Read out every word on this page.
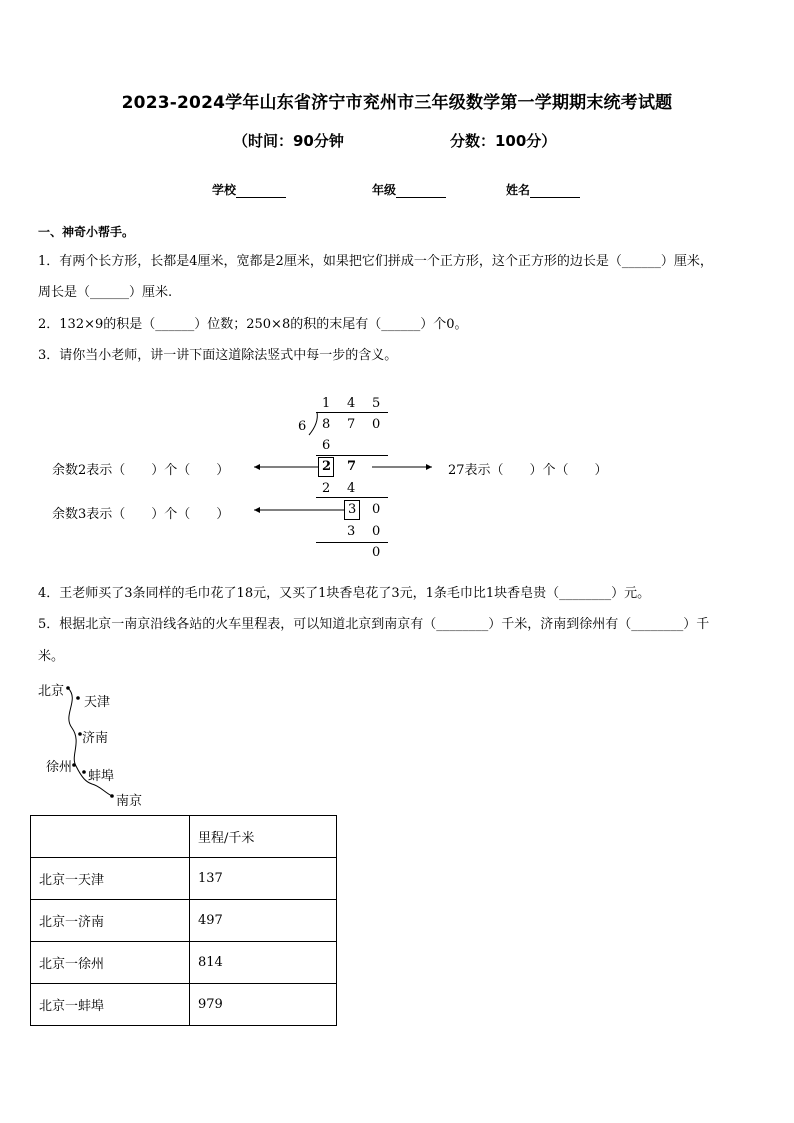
2023-2024学年山东省济宁市兖州市三年级数学第一学期期末统考试题
（时间：90分钟	分数：100分）
学校	年级	姓名
一、神奇小帮手。
1．有两个长方形，长都是4厘米，宽都是2厘米，如果把它们拼成一个正方形，这个正方形的边长是（______）厘米，
周长是（______）厘米.
2．132×9的积是（______）位数；250×8的积的末尾有（______）个0。
3．请你当小老师，讲一讲下面这道除法竖式中每一步的含义。
1 4 5
6 8 7 0
6
2 7
2 4
3 0
3 0
0
余数2表示（　　）个（　　）	27表示（　　）个（　　）
余数3表示（　　）个（　　）
4．王老师买了3条同样的毛巾花了18元，又买了1块香皂花了3元，1条毛巾比1块香皂贵（________）元。
5．根据北京一南京沿线各站的火车里程表，可以知道北京到南京有（________）千米，济南到徐州有（________）千
米。
北京
天津
济南
徐州
蚌埠
南京
	里程/千米
北京一天津	137
北京一济南	497
北京一徐州	814
北京一蚌埠	979
